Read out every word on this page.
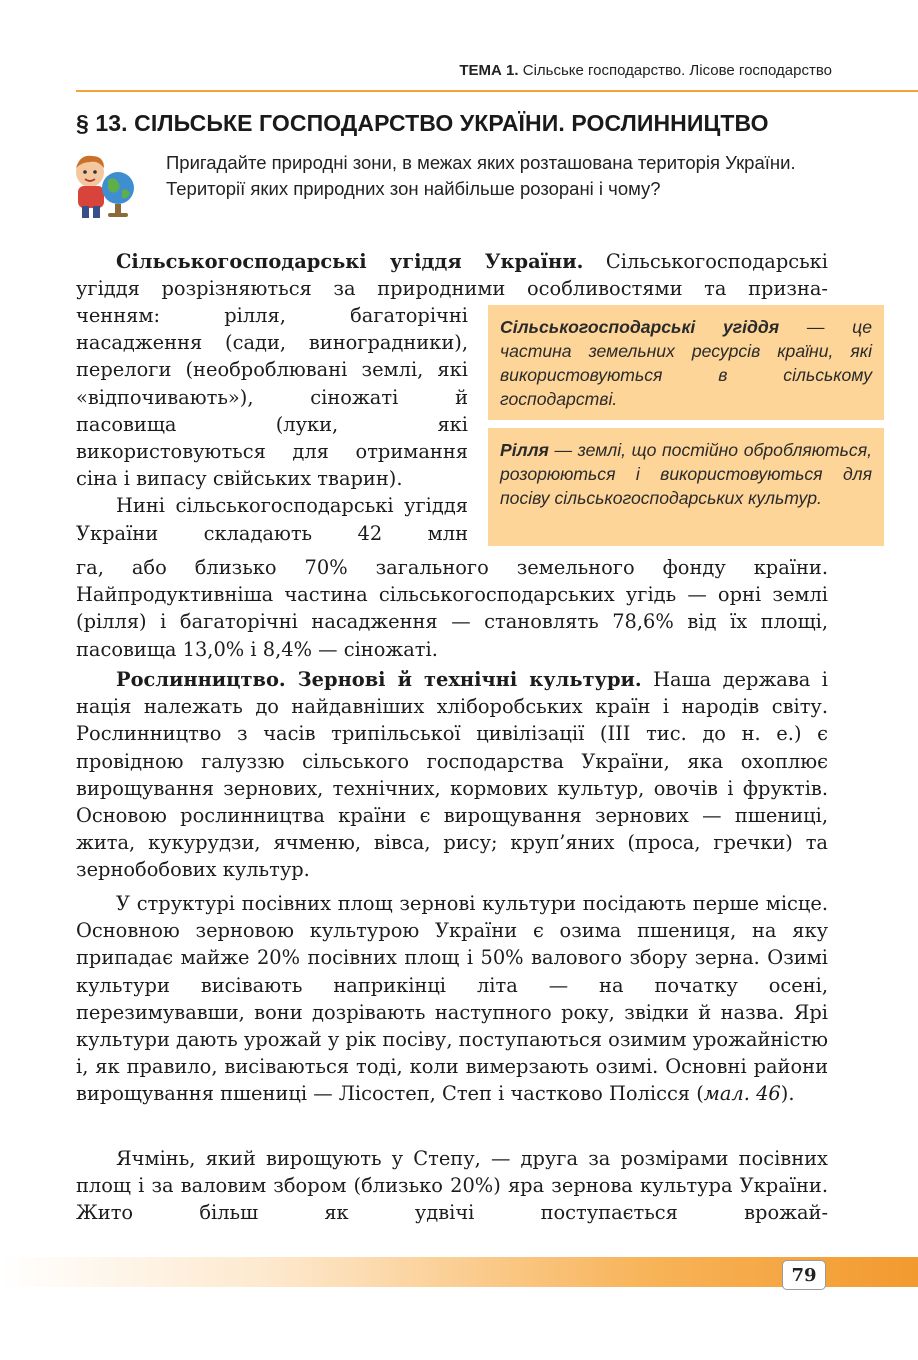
ТЕМА 1. Сільське господарство. Лісове господарство
§ 13. СІЛЬСЬКЕ ГОСПОДАРСТВО УКРАЇНИ. РОСЛИННИЦТВО
Пригадайте природні зони, в межах яких розташована територія України. Території яких природних зон найбільше розорані і чому?

Сільськогосподарські угіддя України. Сільськогосподарські угіддя розрізняються за природними особливостями та призна-

ченням: рілля, багаторічні насадження (сади, виноградники), перелоги (необроблювані землі, які «відпочивають»), сіножаті й пасовища (луки, які використовуються для отримання сіна і випасу свійських тварин).

Нині сільськогосподарські угіддя України складають 42 млн

Сільськогосподарські угіддя — це частина земельних ресурсів країни, які використовуються в сільському господарстві.
Рілля — землі, що постійно обробляються, розорюються і використовуються для посіву сільськогосподарських культур.

га, або близько 70% загального земельного фонду країни. Найпродуктивніша частина сільськогосподарських угідь — орні землі (рілля) і багаторічні насадження — становлять 78,6% від їх площі, пасовища 13,0% і 8,4% — сіножаті.

Рослинництво. Зернові й технічні культури. Наша держава і нація належать до найдавніших хліборобських країн і народів світу. Рослинництво з часів трипільської цивілізації (III тис. до н. е.) є провідною галуззю сільського господарства України, яка охоплює вирощування зернових, технічних, кормових культур, овочів і фруктів. Основою рослинництва країни є вирощування зернових — пшениці, жита, кукурудзи, ячменю, вівса, рису; круп’яних (проса, гречки) та зернобобових культур.

У структурі посівних площ зернові культури посідають перше місце. Основною зерновою культурою України є озима пшениця, на яку припадає майже 20% посівних площ і 50% валового збору зерна. Озимі культури висівають наприкінці літа — на початку осені, перезимувавши, вони дозрівають наступного року, звідки й назва. Ярі культури дають урожай у рік посіву, поступаються озимим урожайністю і, як правило, висіваються тоді, коли вимерзають озимі. Основні райони вирощування пшениці — Лісостеп, Степ і частково Полісся (мал. 46).

Ячмінь, який вирощують у Степу, — друга за розмірами посівних площ і за валовим збором (близько 20%) яра зернова культура України. Жито більш як удвічі поступається врожай-

79
